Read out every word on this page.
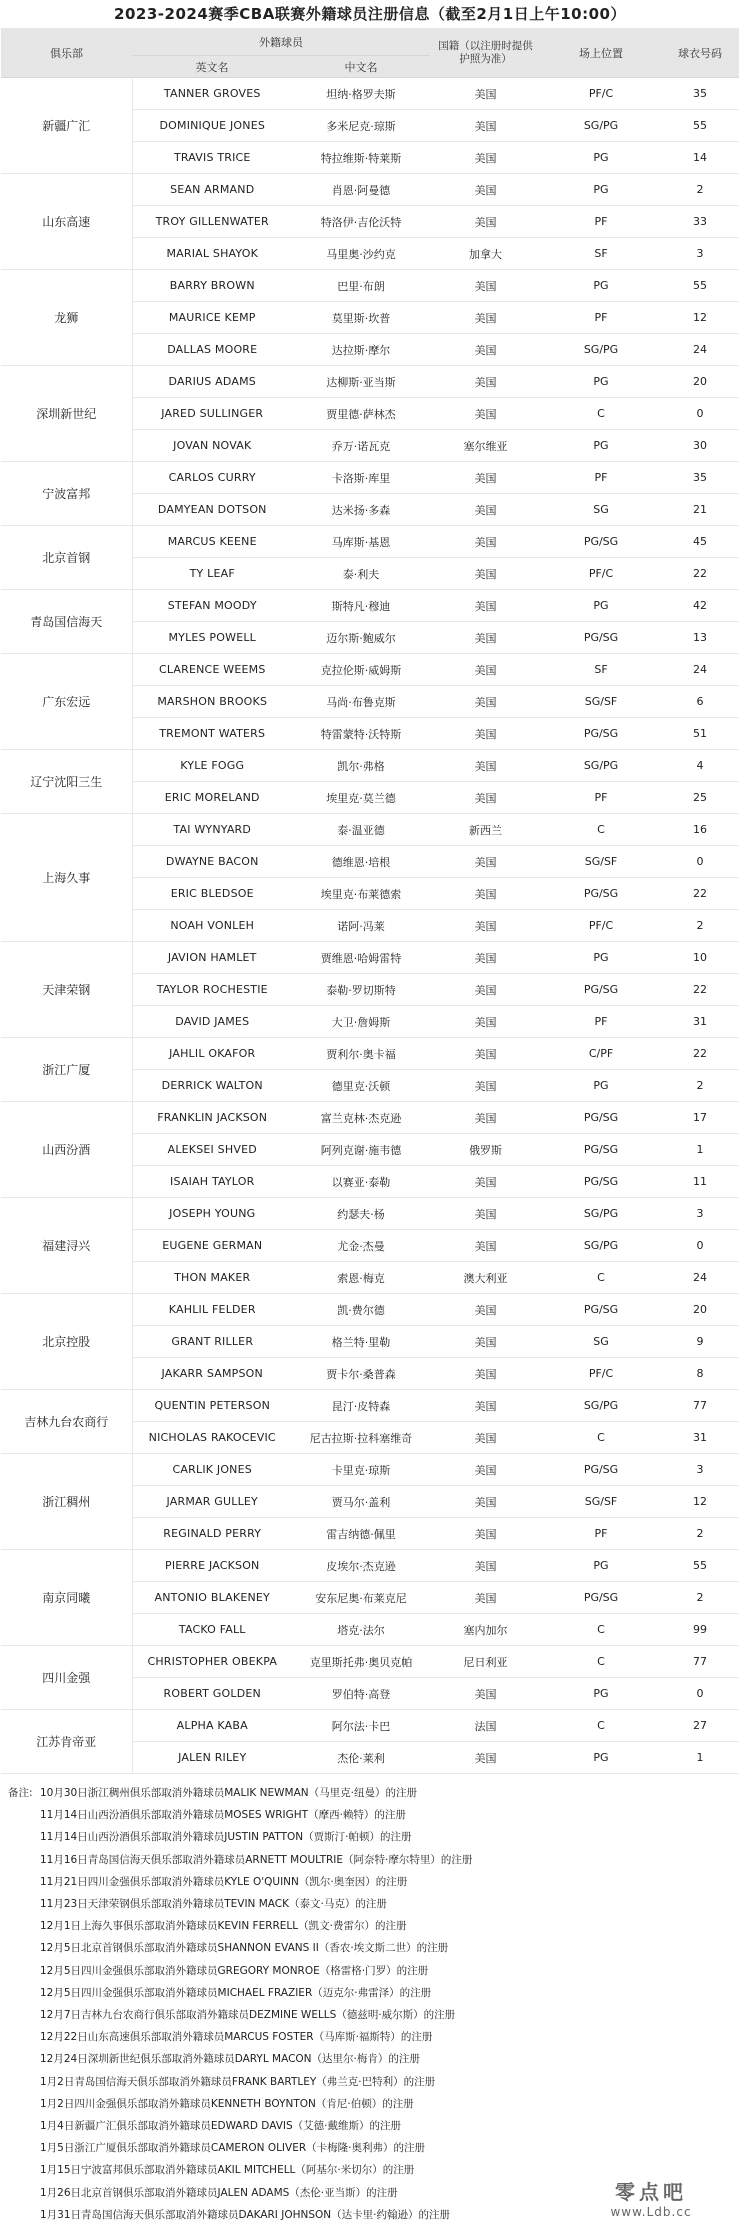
2023-2024赛季CBA联赛外籍球员注册信息（截至2月1日上午10:00）
俱乐部	外籍球员		国籍（以注册时提供护照为准）	场上位置	球衣号码
	英文名	中文名			
新疆广汇	TANNER GROVES	坦纳·格罗夫斯	美国	PF/C	35
	DOMINIQUE JONES	多米尼克·琼斯	美国	SG/PG	55
	TRAVIS TRICE	特拉维斯·特莱斯	美国	PG	14
山东高速	SEAN ARMAND	肖恩·阿曼德	美国	PG	2
	TROY GILLENWATER	特洛伊·吉伦沃特	美国	PF	33
	MARIAL SHAYOK	马里奥·沙约克	加拿大	SF	3
龙狮	BARRY BROWN	巴里·布朗	美国	PG	55
	MAURICE KEMP	莫里斯·坎普	美国	PF	12
	DALLAS MOORE	达拉斯·摩尔	美国	SG/PG	24
深圳新世纪	DARIUS ADAMS	达柳斯·亚当斯	美国	PG	20
	JARED SULLINGER	贾里德·萨林杰	美国	C	0
	JOVAN NOVAK	乔万·诺瓦克	塞尔维亚	PG	30
宁波富邦	CARLOS CURRY	卡洛斯·库里	美国	PF	35
	DAMYEAN DOTSON	达米扬·多森	美国	SG	21
北京首钢	MARCUS KEENE	马库斯·基恩	美国	PG/SG	45
	TY LEAF	泰·利夫	美国	PF/C	22
青岛国信海天	STEFAN MOODY	斯特凡·穆迪	美国	PG	42
	MYLES POWELL	迈尔斯·鲍威尔	美国	PG/SG	13
广东宏远	CLARENCE WEEMS	克拉伦斯·威姆斯	美国	SF	24
	MARSHON BROOKS	马尚·布鲁克斯	美国	SG/SF	6
	TREMONT WATERS	特雷蒙特·沃特斯	美国	PG/SG	51
辽宁沈阳三生	KYLE FOGG	凯尔·弗格	美国	SG/PG	4
	ERIC MORELAND	埃里克·莫兰德	美国	PF	25
上海久事	TAI WYNYARD	泰·温亚德	新西兰	C	16
	DWAYNE BACON	德维恩·培根	美国	SG/SF	0
	ERIC BLEDSOE	埃里克·布莱德索	美国	PG/SG	22
	NOAH VONLEH	诺阿·冯莱	美国	PF/C	2
天津荣钢	JAVION HAMLET	贾维恩·哈姆雷特	美国	PG	10
	TAYLOR ROCHESTIE	泰勒·罗切斯特	美国	PG/SG	22
	DAVID JAMES	大卫·詹姆斯	美国	PF	31
浙江广厦	JAHLIL OKAFOR	贾利尔·奥卡福	美国	C/PF	22
	DERRICK WALTON	德里克·沃顿	美国	PG	2
山西汾酒	FRANKLIN JACKSON	富兰克林·杰克逊	美国	PG/SG	17
	ALEKSEI SHVED	阿列克谢·施韦德	俄罗斯	PG/SG	1
	ISAIAH TAYLOR	以赛亚·泰勒	美国	PG/SG	11
福建浔兴	JOSEPH YOUNG	约瑟夫·杨	美国	SG/PG	3
	EUGENE GERMAN	尤金·杰曼	美国	SG/PG	0
	THON MAKER	索恩·梅克	澳大利亚	C	24
北京控股	KAHLIL FELDER	凯·费尔德	美国	PG/SG	20
	GRANT RILLER	格兰特·里勒	美国	SG	9
	JAKARR SAMPSON	贾卡尔·桑普森	美国	PF/C	8
吉林九台农商行	QUENTIN PETERSON	昆汀·皮特森	美国	SG/PG	77
	NICHOLAS RAKOCEVIC	尼古拉斯·拉科塞维奇	美国	C	31
浙江稠州	CARLIK JONES	卡里克·琼斯	美国	PG/SG	3
	JARMAR GULLEY	贾马尔·盖利	美国	SG/SF	12
	REGINALD PERRY	雷吉纳德·佩里	美国	PF	2
南京同曦	PIERRE JACKSON	皮埃尔·杰克逊	美国	PG	55
	ANTONIO BLAKENEY	安东尼奥·布莱克尼	美国	PG/SG	2
	TACKO FALL	塔克·法尔	塞内加尔	C	99
四川金强	CHRISTOPHER OBEKPA	克里斯托弗·奥贝克帕	尼日利亚	C	77
	ROBERT GOLDEN	罗伯特·高登	美国	PG	0
江苏肯帝亚	ALPHA KABA	阿尔法·卡巴	法国	C	27
	JALEN RILEY	杰伦·莱利	美国	PG	1
备注: 10月30日浙江稠州俱乐部取消外籍球员MALIK NEWMAN（马里克·纽曼）的注册
11月14日山西汾酒俱乐部取消外籍球员MOSES WRIGHT（摩西·赖特）的注册
11月14日山西汾酒俱乐部取消外籍球员JUSTIN PATTON（贾斯汀·帕顿）的注册
11月16日青岛国信海天俱乐部取消外籍球员ARNETT MOULTRIE（阿奈特·摩尔特里）的注册
11月21日四川金强俱乐部取消外籍球员KYLE O'QUINN（凯尔·奥奎因）的注册
11月23日天津荣钢俱乐部取消外籍球员TEVIN MACK（泰文·马克）的注册
12月1日上海久事俱乐部取消外籍球员KEVIN FERRELL（凯文·费雷尔）的注册
12月5日北京首钢俱乐部取消外籍球员SHANNON EVANS II（香农·埃文斯二世）的注册
12月5日四川金强俱乐部取消外籍球员GREGORY MONROE（格雷格·门罗）的注册
12月5日四川金强俱乐部取消外籍球员MICHAEL FRAZIER（迈克尔·弗雷泽）的注册
12月7日吉林九台农商行俱乐部取消外籍球员DEZMINE WELLS（德兹明·威尔斯）的注册
12月22日山东高速俱乐部取消外籍球员MARCUS FOSTER（马库斯·福斯特）的注册
12月24日深圳新世纪俱乐部取消外籍球员DARYL MACON（达里尔·梅肯）的注册
1月2日青岛国信海天俱乐部取消外籍球员FRANK BARTLEY（弗兰克·巴特利）的注册
1月2日四川金强俱乐部取消外籍球员KENNETH BOYNTON（肯尼·伯顿）的注册
1月4日新疆广汇俱乐部取消外籍球员EDWARD DAVIS（艾德·戴维斯）的注册
1月5日浙江广厦俱乐部取消外籍球员CAMERON OLIVER（卡梅隆·奥利弗）的注册
1月15日宁波富邦俱乐部取消外籍球员AKIL MITCHELL（阿基尔·米切尔）的注册
1月26日北京首钢俱乐部取消外籍球员JALEN ADAMS（杰伦·亚当斯）的注册
1月31日青岛国信海天俱乐部取消外籍球员DAKARI JOHNSON（达卡里·约翰逊）的注册
零点吧
www.Ldb.cc
